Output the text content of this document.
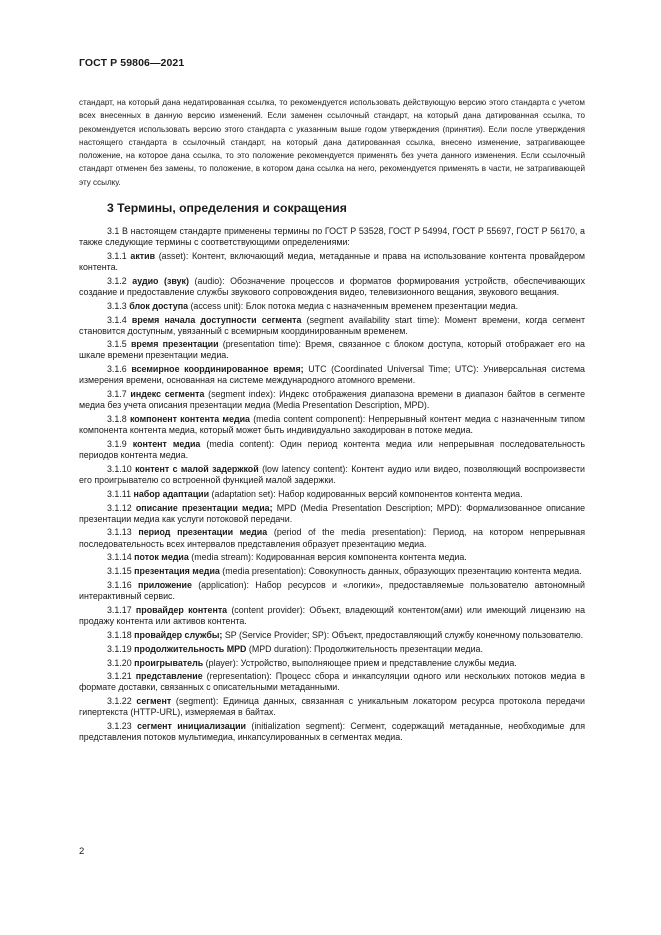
ГОСТ Р 59806—2021

стандарт, на который дана недатированная ссылка, то рекомендуется использовать действующую версию этого стандарта с учетом всех внесенных в данную версию изменений. Если заменен ссылочный стандарт, на который дана датированная ссылка, то рекомендуется использовать версию этого стандарта с указанным выше годом утверждения (принятия). Если после утверждения настоящего стандарта в ссылочный стандарт, на который дана датированная ссылка, внесено изменение, затрагивающее положение, на которое дана ссылка, то это положение рекомендуется применять без учета данного изменения. Если ссылочный стандарт отменен без замены, то положение, в котором дана ссылка на него, рекомендуется применять в части, не затрагивающей эту ссылку.

3 Термины, определения и сокращения

3.1 В настоящем стандарте применены термины по ГОСТ Р 53528, ГОСТ Р 54994, ГОСТ Р 55697, ГОСТ Р 56170, а также следующие термины с соответствующими определениями:

3.1.1 актив (asset): Контент, включающий медиа, метаданные и права на использование контента провайдером контента.

3.1.2 аудио (звук) (audio): Обозначение процессов и форматов формирования устройств, обеспечивающих создание и предоставление службы звукового сопровождения видео, телевизионного вещания, звукового вещания.

3.1.3 блок доступа (access unit): Блок потока медиа с назначенным временем презентации медиа.

3.1.4 время начала доступности сегмента (segment availability start time): Момент времени, когда сегмент становится доступным, увязанный с всемирным координированным временем.

3.1.5 время презентации (presentation time): Время, связанное с блоком доступа, который отображает его на шкале времени презентации медиа.

3.1.6 всемирное координированное время; UTC (Coordinated Universal Time; UTC): Универсальная система измерения времени, основанная на системе международного атомного времени.

3.1.7 индекс сегмента (segment index): Индекс отображения диапазона времени в диапазон байтов в сегменте медиа без учета описания презентации медиа (Media Presentation Description, MPD).

3.1.8 компонент контента медиа (media content component): Непрерывный контент медиа с назначенным типом компонента контента медиа, который может быть индивидуально закодирован в потоке медиа.

3.1.9 контент медиа (media content): Один период контента медиа или непрерывная последовательность периодов контента медиа.

3.1.10 контент с малой задержкой (low latency content): Контент аудио или видео, позволяющий воспроизвести его проигрывателю со встроенной функцией малой задержки.

3.1.11 набор адаптации (adaptation set): Набор кодированных версий компонентов контента медиа.

3.1.12 описание презентации медиа; MPD (Media Presentation Description; MPD): Формализованное описание презентации медиа как услуги потоковой передачи.

3.1.13 период презентации медиа (period of the media presentation): Период, на котором непрерывная последовательность всех интервалов представления образует презентацию медиа.

3.1.14 поток медиа (media stream): Кодированная версия компонента контента медиа.

3.1.15 презентация медиа (media presentation): Совокупность данных, образующих презентацию контента медиа.

3.1.16 приложение (application): Набор ресурсов и «логики», предоставляемые пользователю автономный интерактивный сервис.

3.1.17 провайдер контента (content provider): Объект, владеющий контентом(ами) или имеющий лицензию на продажу контента или активов контента.

3.1.18 провайдер службы; SP (Service Provider; SP): Объект, предоставляющий службу конечному пользователю.

3.1.19 продолжительность MPD (MPD duration): Продолжительность презентации медиа.

3.1.20 проигрыватель (player): Устройство, выполняющее прием и представление службы медиа.

3.1.21 представление (representation): Процесс сбора и инкапсуляции одного или нескольких потоков медиа в формате доставки, связанных с описательными метаданными.

3.1.22 сегмент (segment): Единица данных, связанная с уникальным локатором ресурса протокола передачи гипертекста (HTTP-URL), измеряемая в байтах.

3.1.23 сегмент инициализации (initialization segment): Сегмент, содержащий метаданные, необходимые для представления потоков мультимедиа, инкапсулированных в сегментах медиа.

2
